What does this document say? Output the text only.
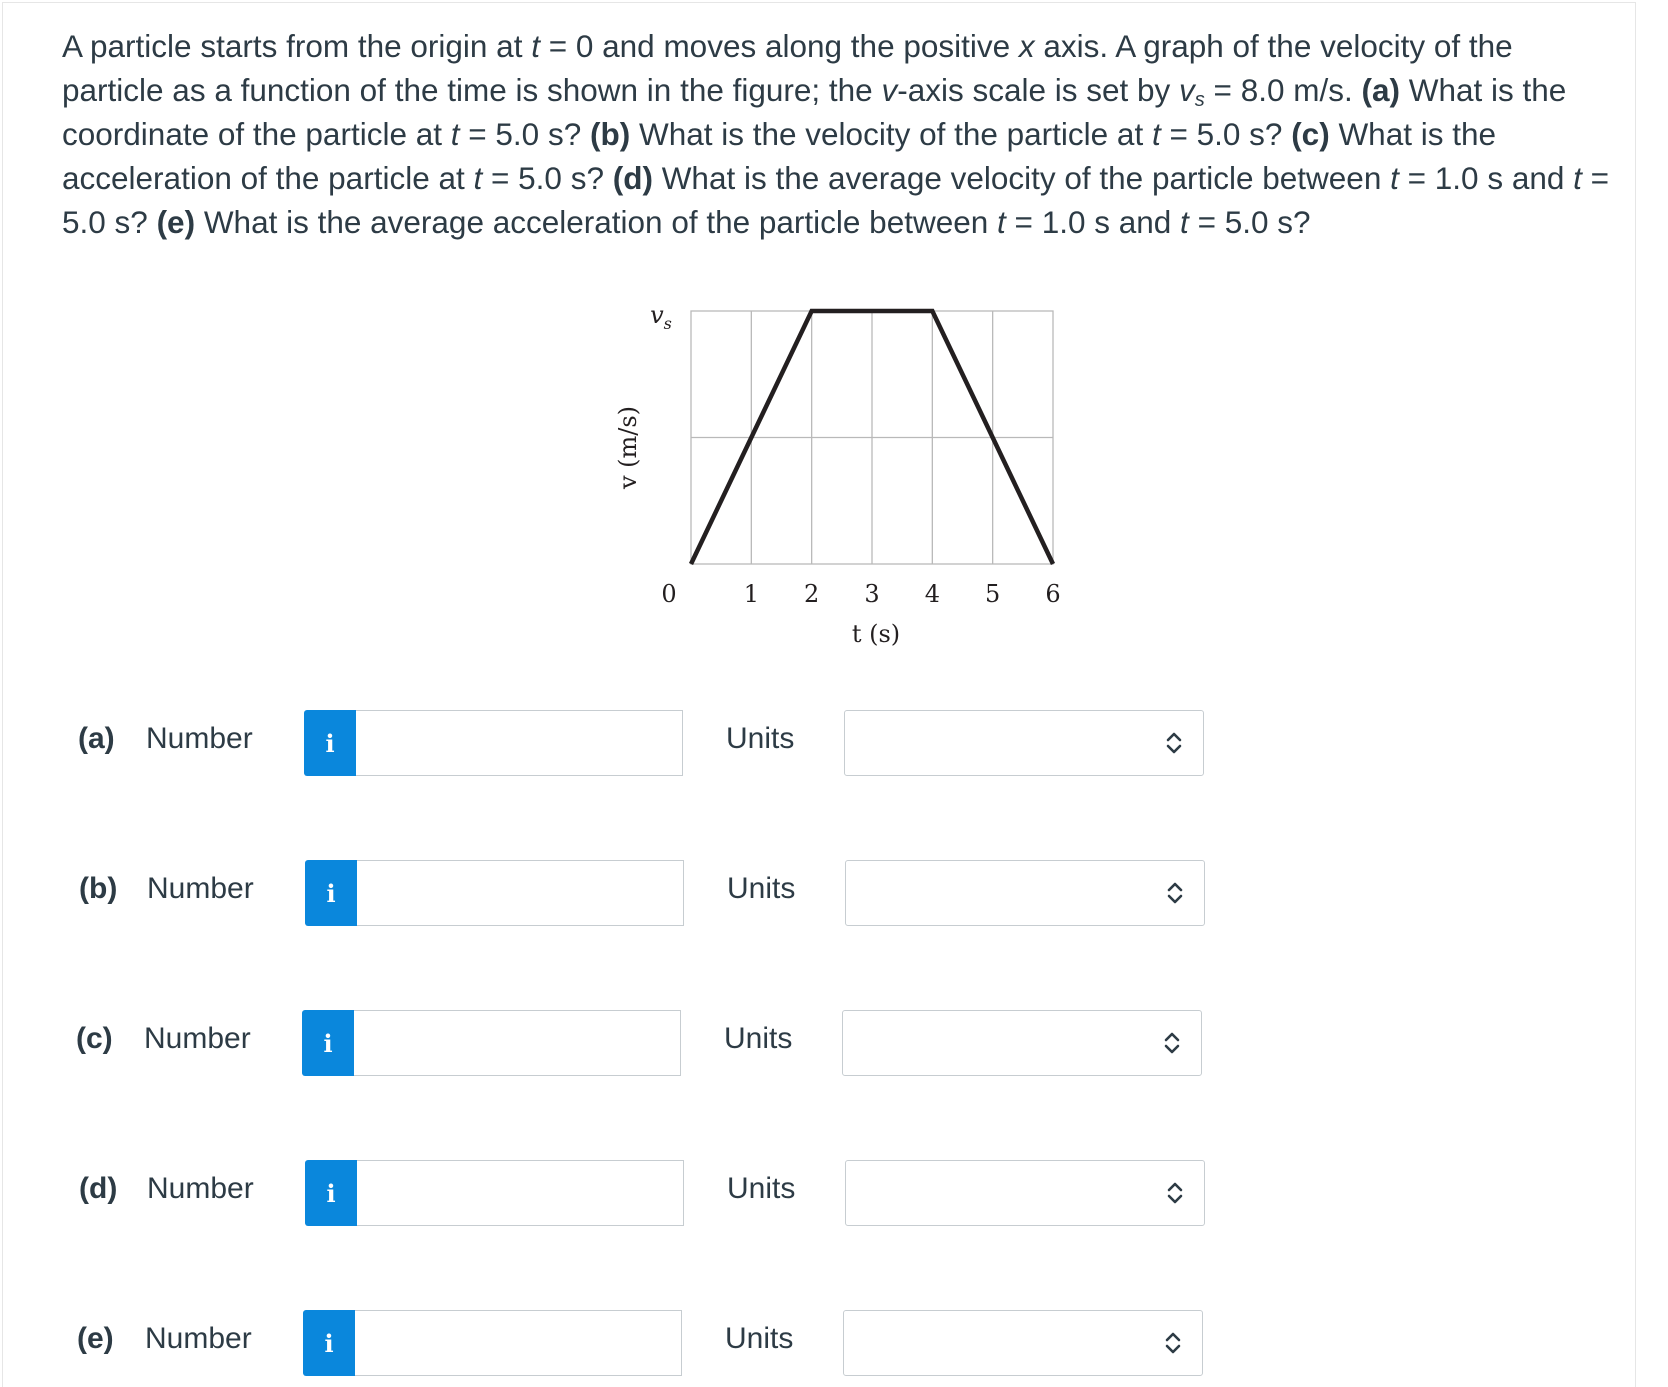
A particle starts from the origin at t = 0 and moves along the positive x axis. A graph of the velocity of the particle as a function of the time is shown in the figure; the v-axis scale is set by $v_s = 8.0$ m/s. (a) What is the coordinate of the particle at t = 5.0 s? (b) What is the velocity of the particle at t = 5.0 s? (c) What is the acceleration of the particle at t = 5.0 s? (d) What is the average velocity of the particle between t = 1.0 s and t = 5.0 s? (e) What is the average acceleration of the particle between t = 1.0 s and t = 5.0 s?
0	1 2 3 4 5 6
$v_s$
t (s)
v (m/s)
(a) Number	i	Units
(b) Number	i	Units
(c) Number	i	Units
(d) Number	i	Units
(e) Number	i	Units
